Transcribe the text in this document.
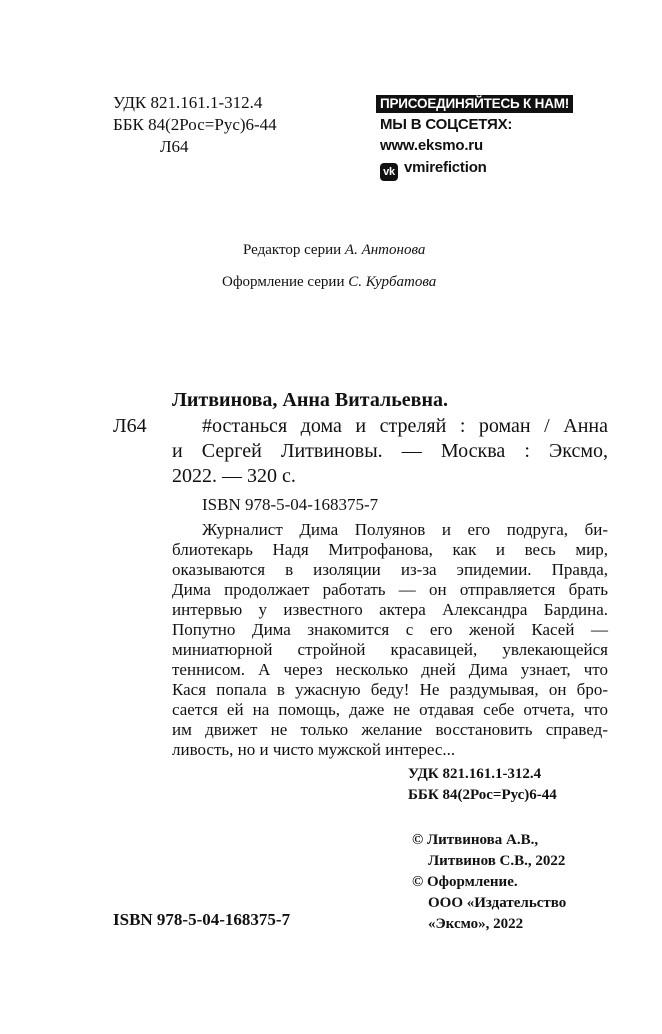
УДК 821.161.1-312.4
ББК 84(2Рос=Рус)6-44
Л64
ПРИСОЕДИНЯЙТЕСЬ К НАМ!
МЫ В СОЦСЕТЯХ:
www.eksmo.ru
vk vmirefiction
Редактор серии А. Антонова
Оформление серии С. Курбатова
Литвинова, Анна Витальевна.
Л64	#останься дома и стреляй : роман / Анна
и Сергей Литвиновы. — Москва : Эксмо,
2022. — 320 с.
ISBN 978-5-04-168375-7
Журналист Дима Полуянов и его подруга, би-
блиотекарь Надя Митрофанова, как и весь мир,
оказываются в изоляции из-за эпидемии. Правда,
Дима продолжает работать — он отправляется брать
интервью у известного актера Александра Бардина.
Попутно Дима знакомится с его женой Касей —
миниатюрной стройной красавицей, увлекающейся
теннисом. А через несколько дней Дима узнает, что
Кася попала в ужасную беду! Не раздумывая, он бро-
сается ей на помощь, даже не отдавая себе отчета, что
им движет не только желание восстановить справед-
ливость, но и чисто мужской интерес...
УДК 821.161.1-312.4
ББК 84(2Рос=Рус)6-44
© Литвинова А.В.,
Литвинов С.В., 2022
© Оформление.
ООО «Издательство
«Эксмо», 2022
ISBN 978-5-04-168375-7
